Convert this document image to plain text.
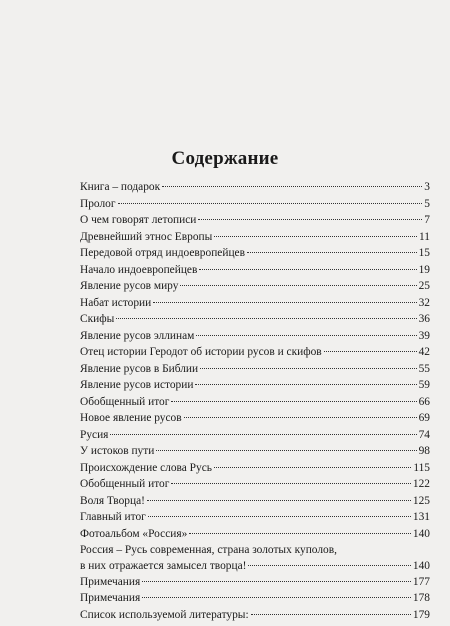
Содержание
Книга – подарок	3
Пролог	5
О чем говорят летописи	7
Древнейший этнос Европы	11
Передовой отряд индоевропейцев	15
Начало индоевропейцев	19
Явление русов миру	25
Набат истории	32
Скифы	36
Явление русов эллинам	39
Отец истории Геродот об истории русов и скифов	42
Явление русов в Библии	55
Явление русов истории	59
Обобщенный итог	66
Новое явление русов	69
Русия	74
У истоков пути	98
Происхождение слова Русь	115
Обобщенный итог	122
Воля Творца!	125
Главный итог	131
Фотоальбом «Россия»	140
Россия – Русь современная, страна золотых куполов,
в них отражается замысел творца!	140
Примечания	177
Примечания	178
Список используемой литературы:	179
